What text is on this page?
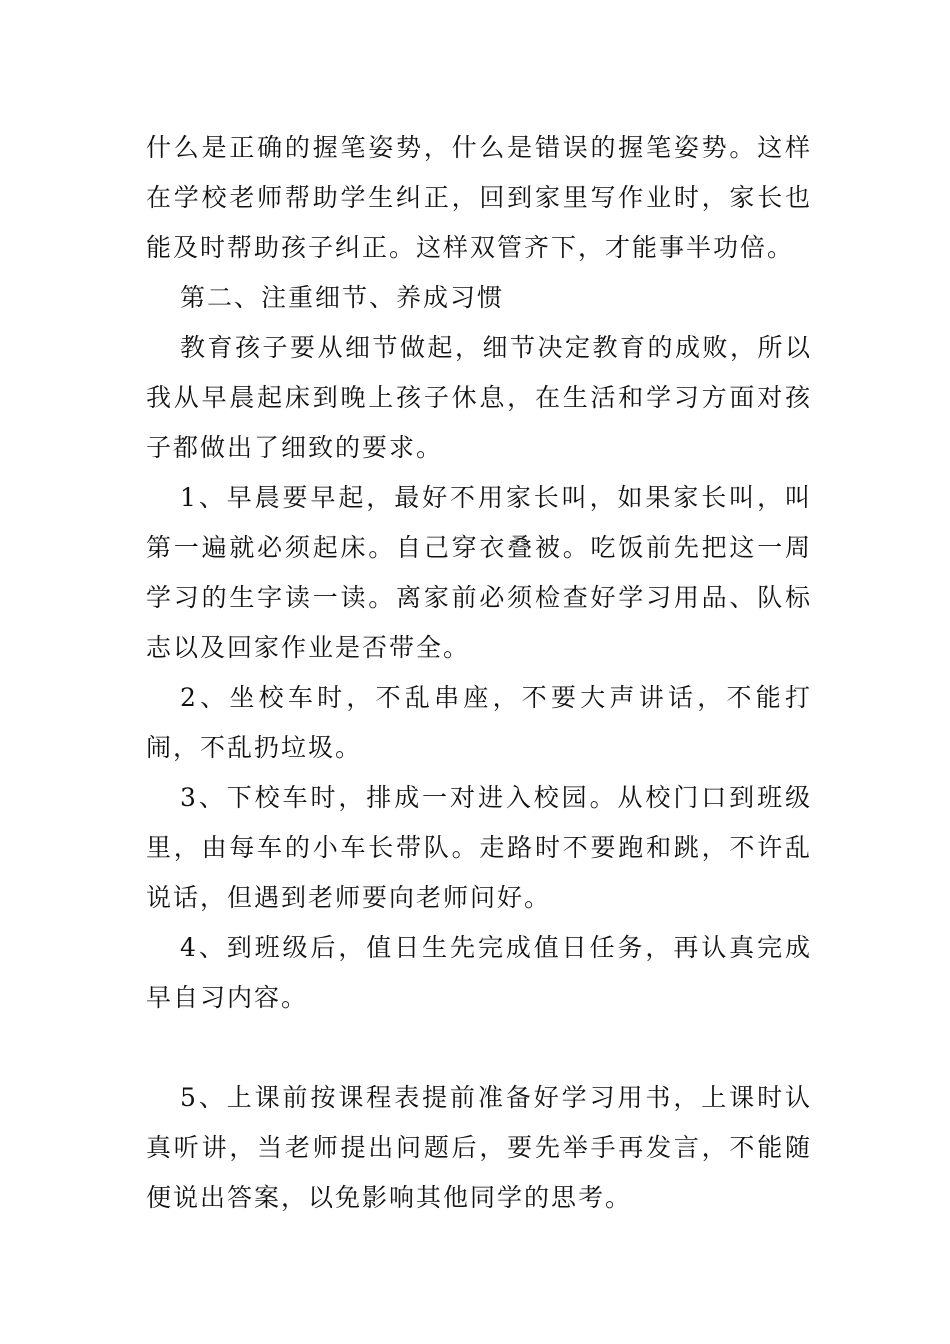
什么是正确的握笔姿势，什么是错误的握笔姿势。这样在学校老师帮助学生纠正，回到家里写作业时，家长也能及时帮助孩子纠正。这样双管齐下，才能事半功倍。

第二、注重细节、养成习惯

教育孩子要从细节做起，细节决定教育的成败，所以我从早晨起床到晚上孩子休息，在生活和学习方面对孩子都做出了细致的要求。

1、早晨要早起，最好不用家长叫，如果家长叫，叫第一遍就必须起床。自己穿衣叠被。吃饭前先把这一周学习的生字读一读。离家前必须检查好学习用品、队标志以及回家作业是否带全。

2、坐校车时，不乱串座，不要大声讲话，不能打闹，不乱扔垃圾。

3、下校车时，排成一对进入校园。从校门口到班级里，由每车的小车长带队。走路时不要跑和跳，不许乱说话，但遇到老师要向老师问好。

4、到班级后，值日生先完成值日任务，再认真完成早自习内容。

5、上课前按课程表提前准备好学习用书，上课时认真听讲，当老师提出问题后，要先举手再发言，不能随便说出答案，以免影响其他同学的思考。
